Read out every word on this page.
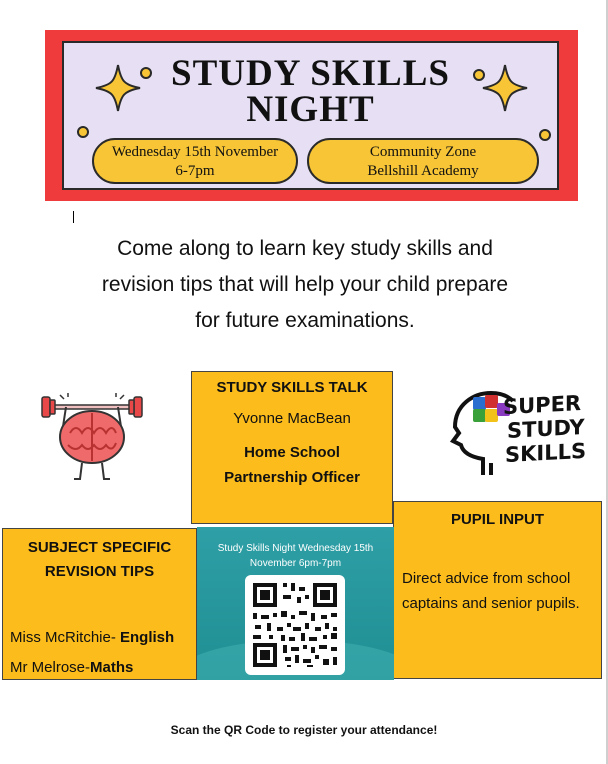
STUDY SKILLS
NIGHT
Wednesday 15th November
6-7pm
Community Zone
Bellshill Academy
Come along to learn key study skills and
revision tips that will help your child prepare
for future examinations.
STUDY SKILLS TALK
Yvonne MacBean
Home School
Partnership Officer
SUPER
STUDY
SKILLS
PUPIL INPUT
Direct advice from school captains and senior pupils.
SUBJECT SPECIFIC
REVISION TIPS
Miss McRitchie- English
Mr Melrose-Maths
Study Skills Night Wednesday 15th
November 6pm-7pm
Scan the QR Code to register your attendance!
